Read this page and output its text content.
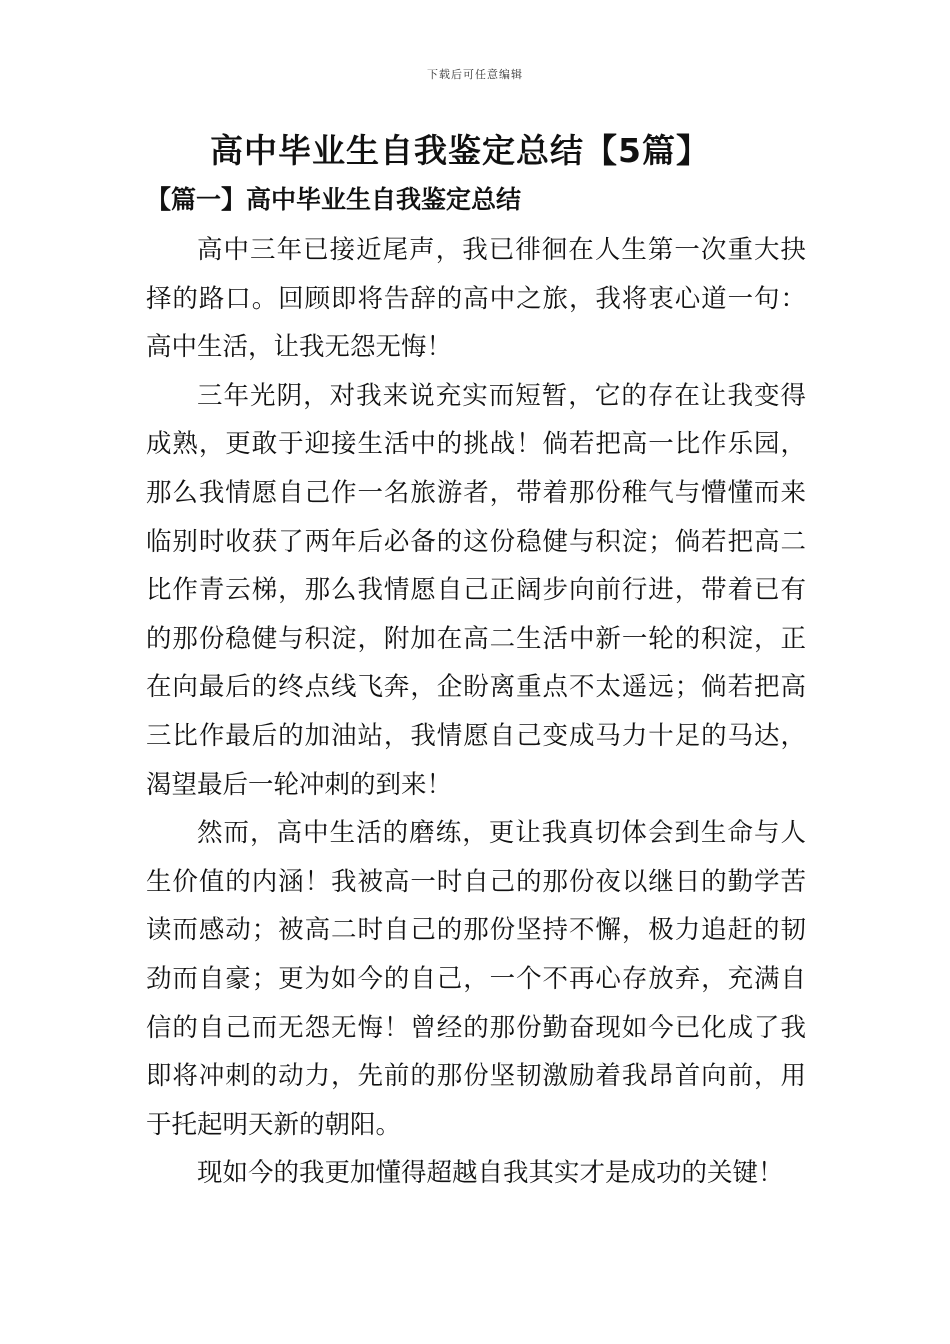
下载后可任意编辑
高中毕业生自我鉴定总结【5篇】
【篇一】高中毕业生自我鉴定总结

高中三年已接近尾声，我已徘徊在人生第一次重大抉择的路口。回顾即将告辞的高中之旅，我将衷心道一句：高中生活，让我无怨无悔！

三年光阴，对我来说充实而短暂，它的存在让我变得成熟，更敢于迎接生活中的挑战！倘若把高一比作乐园，那么我情愿自己作一名旅游者，带着那份稚气与懵懂而来临别时收获了两年后必备的这份稳健与积淀；倘若把高二比作青云梯，那么我情愿自己正阔步向前行进，带着已有的那份稳健与积淀，附加在高二生活中新一轮的积淀，正在向最后的终点线飞奔，企盼离重点不太遥远；倘若把高三比作最后的加油站，我情愿自己变成马力十足的马达，渴望最后一轮冲刺的到来！

然而，高中生活的磨练，更让我真切体会到生命与人生价值的内涵！我被高一时自己的那份夜以继日的勤学苦读而感动；被高二时自己的那份坚持不懈，极力追赶的韧劲而自豪；更为如今的自己，一个不再心存放弃，充满自信的自己而无怨无悔！曾经的那份勤奋现如今已化成了我即将冲刺的动力，先前的那份坚韧激励着我昂首向前，用于托起明天新的朝阳。

现如今的我更加懂得超越自我其实才是成功的关键！
